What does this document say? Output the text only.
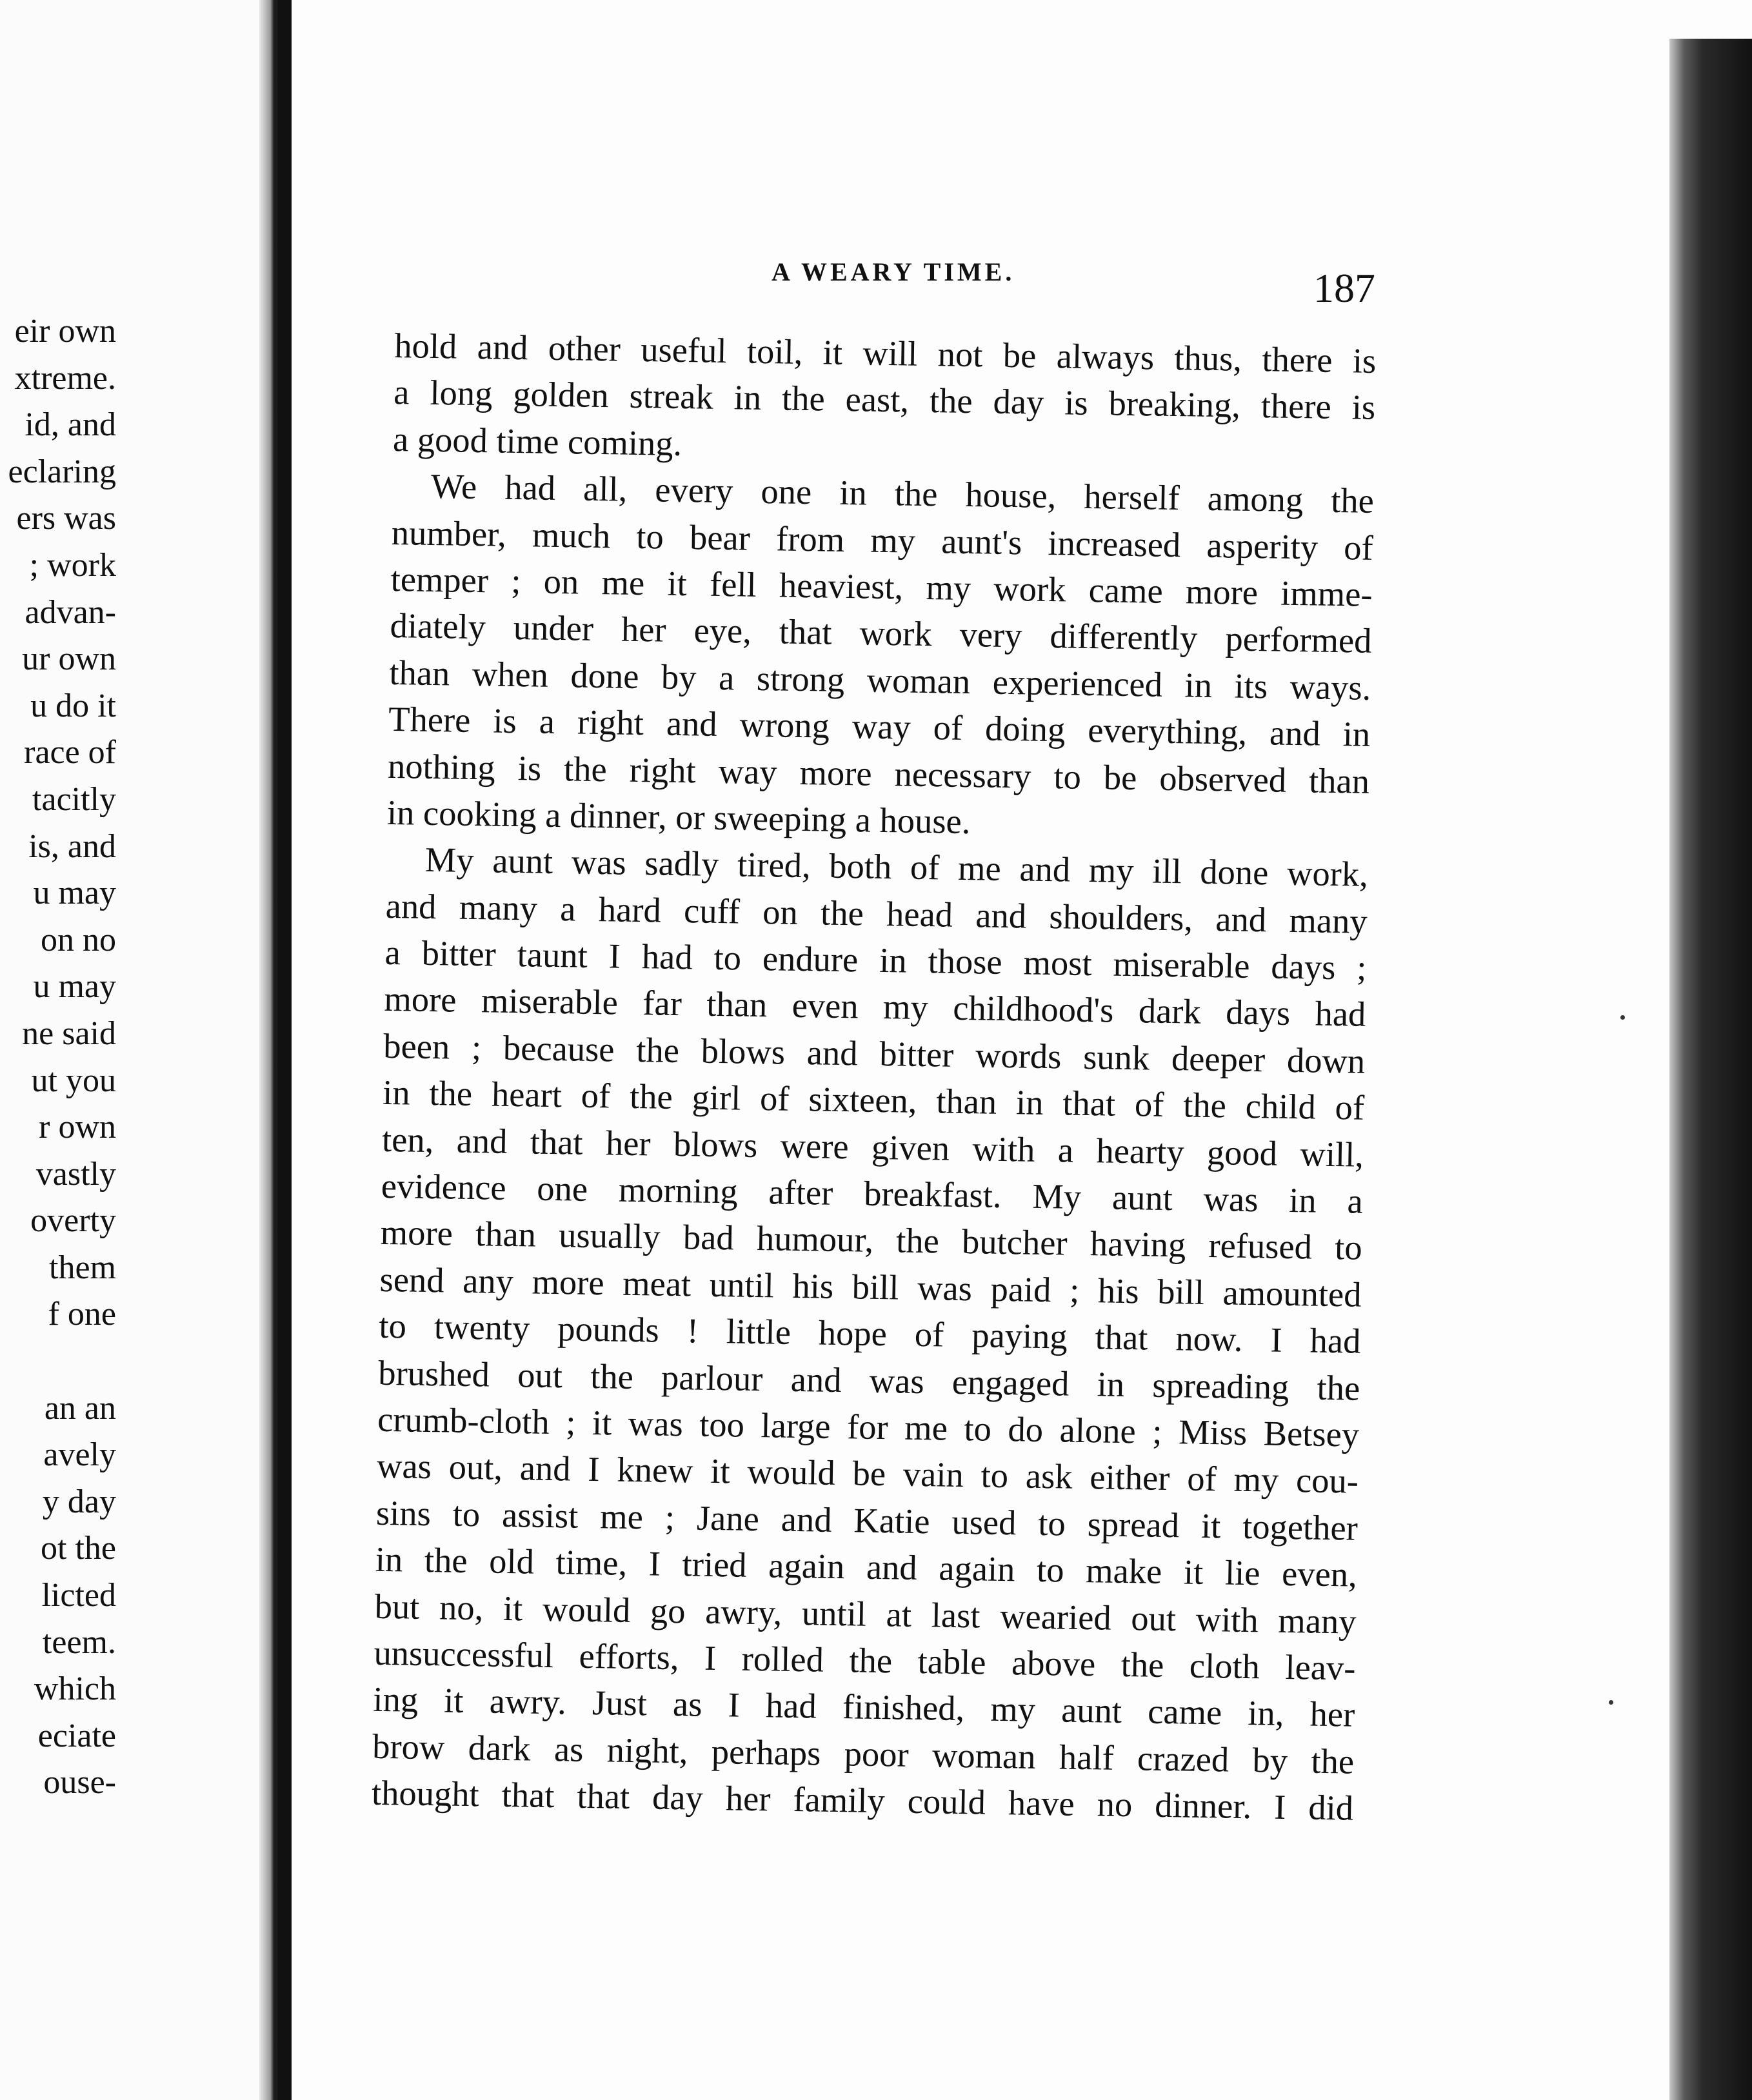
eir own
xtreme.
id, and
eclaring
ers was
; work
advan-
ur own
u do it
race of
tacitly
is, and
u may
on no
u may
ne said
ut you
r own
vastly
overty
them
f one
an an
avely
y day
ot the
licted
teem.
which
eciate
ouse-
A WEARY TIME.	187
hold and other useful toil, it will not be always thus, there is
a long golden streak in the east, the day is breaking, there is
a good time coming.
We had all, every one in the house, herself among the
number, much to bear from my aunt's increased asperity of
temper ; on me it fell heaviest, my work came more imme-
diately under her eye, that work very differently performed
than when done by a strong woman experienced in its ways.
There is a right and wrong way of doing everything, and in
nothing is the right way more necessary to be observed than
in cooking a dinner, or sweeping a house.
My aunt was sadly tired, both of me and my ill done work,
and many a hard cuff on the head and shoulders, and many
a bitter taunt I had to endure in those most miserable days ;
more miserable far than even my childhood's dark days had
been ; because the blows and bitter words sunk deeper down
in the heart of the girl of sixteen, than in that of the child of
ten, and that her blows were given with a hearty good will,
evidence one morning after breakfast. My aunt was in a
more than usually bad humour, the butcher having refused to
send any more meat until his bill was paid ; his bill amounted
to twenty pounds ! little hope of paying that now. I had
brushed out the parlour and was engaged in spreading the
crumb-cloth ; it was too large for me to do alone ; Miss Betsey
was out, and I knew it would be vain to ask either of my cou-
sins to assist me ; Jane and Katie used to spread it together
in the old time, I tried again and again to make it lie even,
but no, it would go awry, until at last wearied out with many
unsuccessful efforts, I rolled the table above the cloth leav-
ing it awry. Just as I had finished, my aunt came in, her
brow dark as night, perhaps poor woman half crazed by the
thought that that day her family could have no dinner. I did
